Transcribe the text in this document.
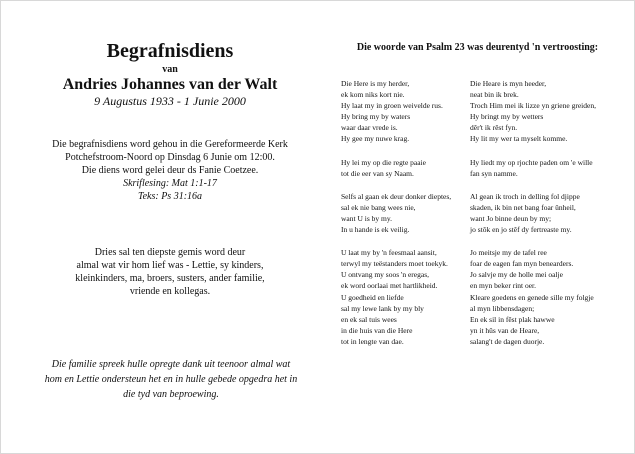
Begrafnisdiens
van
Andries Johannes van der Walt
9 Augustus 1933 - 1 Junie 2000
Die begrafnisdiens word gehou in die Gereformeerde Kerk
Potchefstroom-Noord op Dinsdag 6 Junie om 12:00.
Die diens word gelei deur ds Fanie Coetzee.
Skriflesing: Mat 1:1-17
Teks: Ps 31:16a
Dries sal ten diepste gemis word deur
almal wat vir hom lief was - Lettie, sy kinders,
kleinkinders, ma, broers, susters, ander familie,
vriende en kollegas.
Die familie spreek hulle opregte dank uit teenoor almal wat
hom en Lettie ondersteun het en in hulle gebede opgedra het in
die tyd van beproewing.
Die woorde van Psalm 23 was deurentyd 'n vertroosting:
Die Here is my herder,
ek kom niks kort nie.
Hy laat my in groen weivelde rus.
Hy bring my by waters
waar daar vrede is.
Hy gee my nuwe krag.
Hy lei my op die regte paaie
tot die eer van sy Naam.
Selfs al gaan ek deur donker dieptes,
sal ek nie bang wees nie,
want U is by my.
In u hande is ek veilig.
U laat my by 'n feesmaal aansit,
terwyl my teëstanders moet toekyk.
U ontvang my soos 'n eregas,
ek word oorlaai met hartlikheid.
U goedheid en liefde
sal my lewe lank by my bly
en ek sal tuis wees
in die huis van die Here
tot in lengte van dae.
Die Heare is myn heeder,
neat bin ik brek.
Troch Him mei ik lizze yn griene greiden,
Hy bringt my by wetters
dêr't ik rêst fyn.
Hy lit my wer ta myselt komme.
Hy liedt my op rjochte paden om 'e wille
fan syn namme.
Al gean ik troch in delling fol djippe
skaden, ik bin net bang foar ûnheil,
want Jo binne deun by my;
jo stôk en jo stêf dy fertreaste my.
Jo meitsje my de tafel ree
foar de eagen fan myn benearders.
Jo salvje my de holle mei oalje
en myn beker rint oer.
Kleare goedens en genede sille my folgje
al myn libbensdagen;
En ek sil in fêst plak hawwe
yn it hûs van de Heare,
salang't de dagen duorje.
